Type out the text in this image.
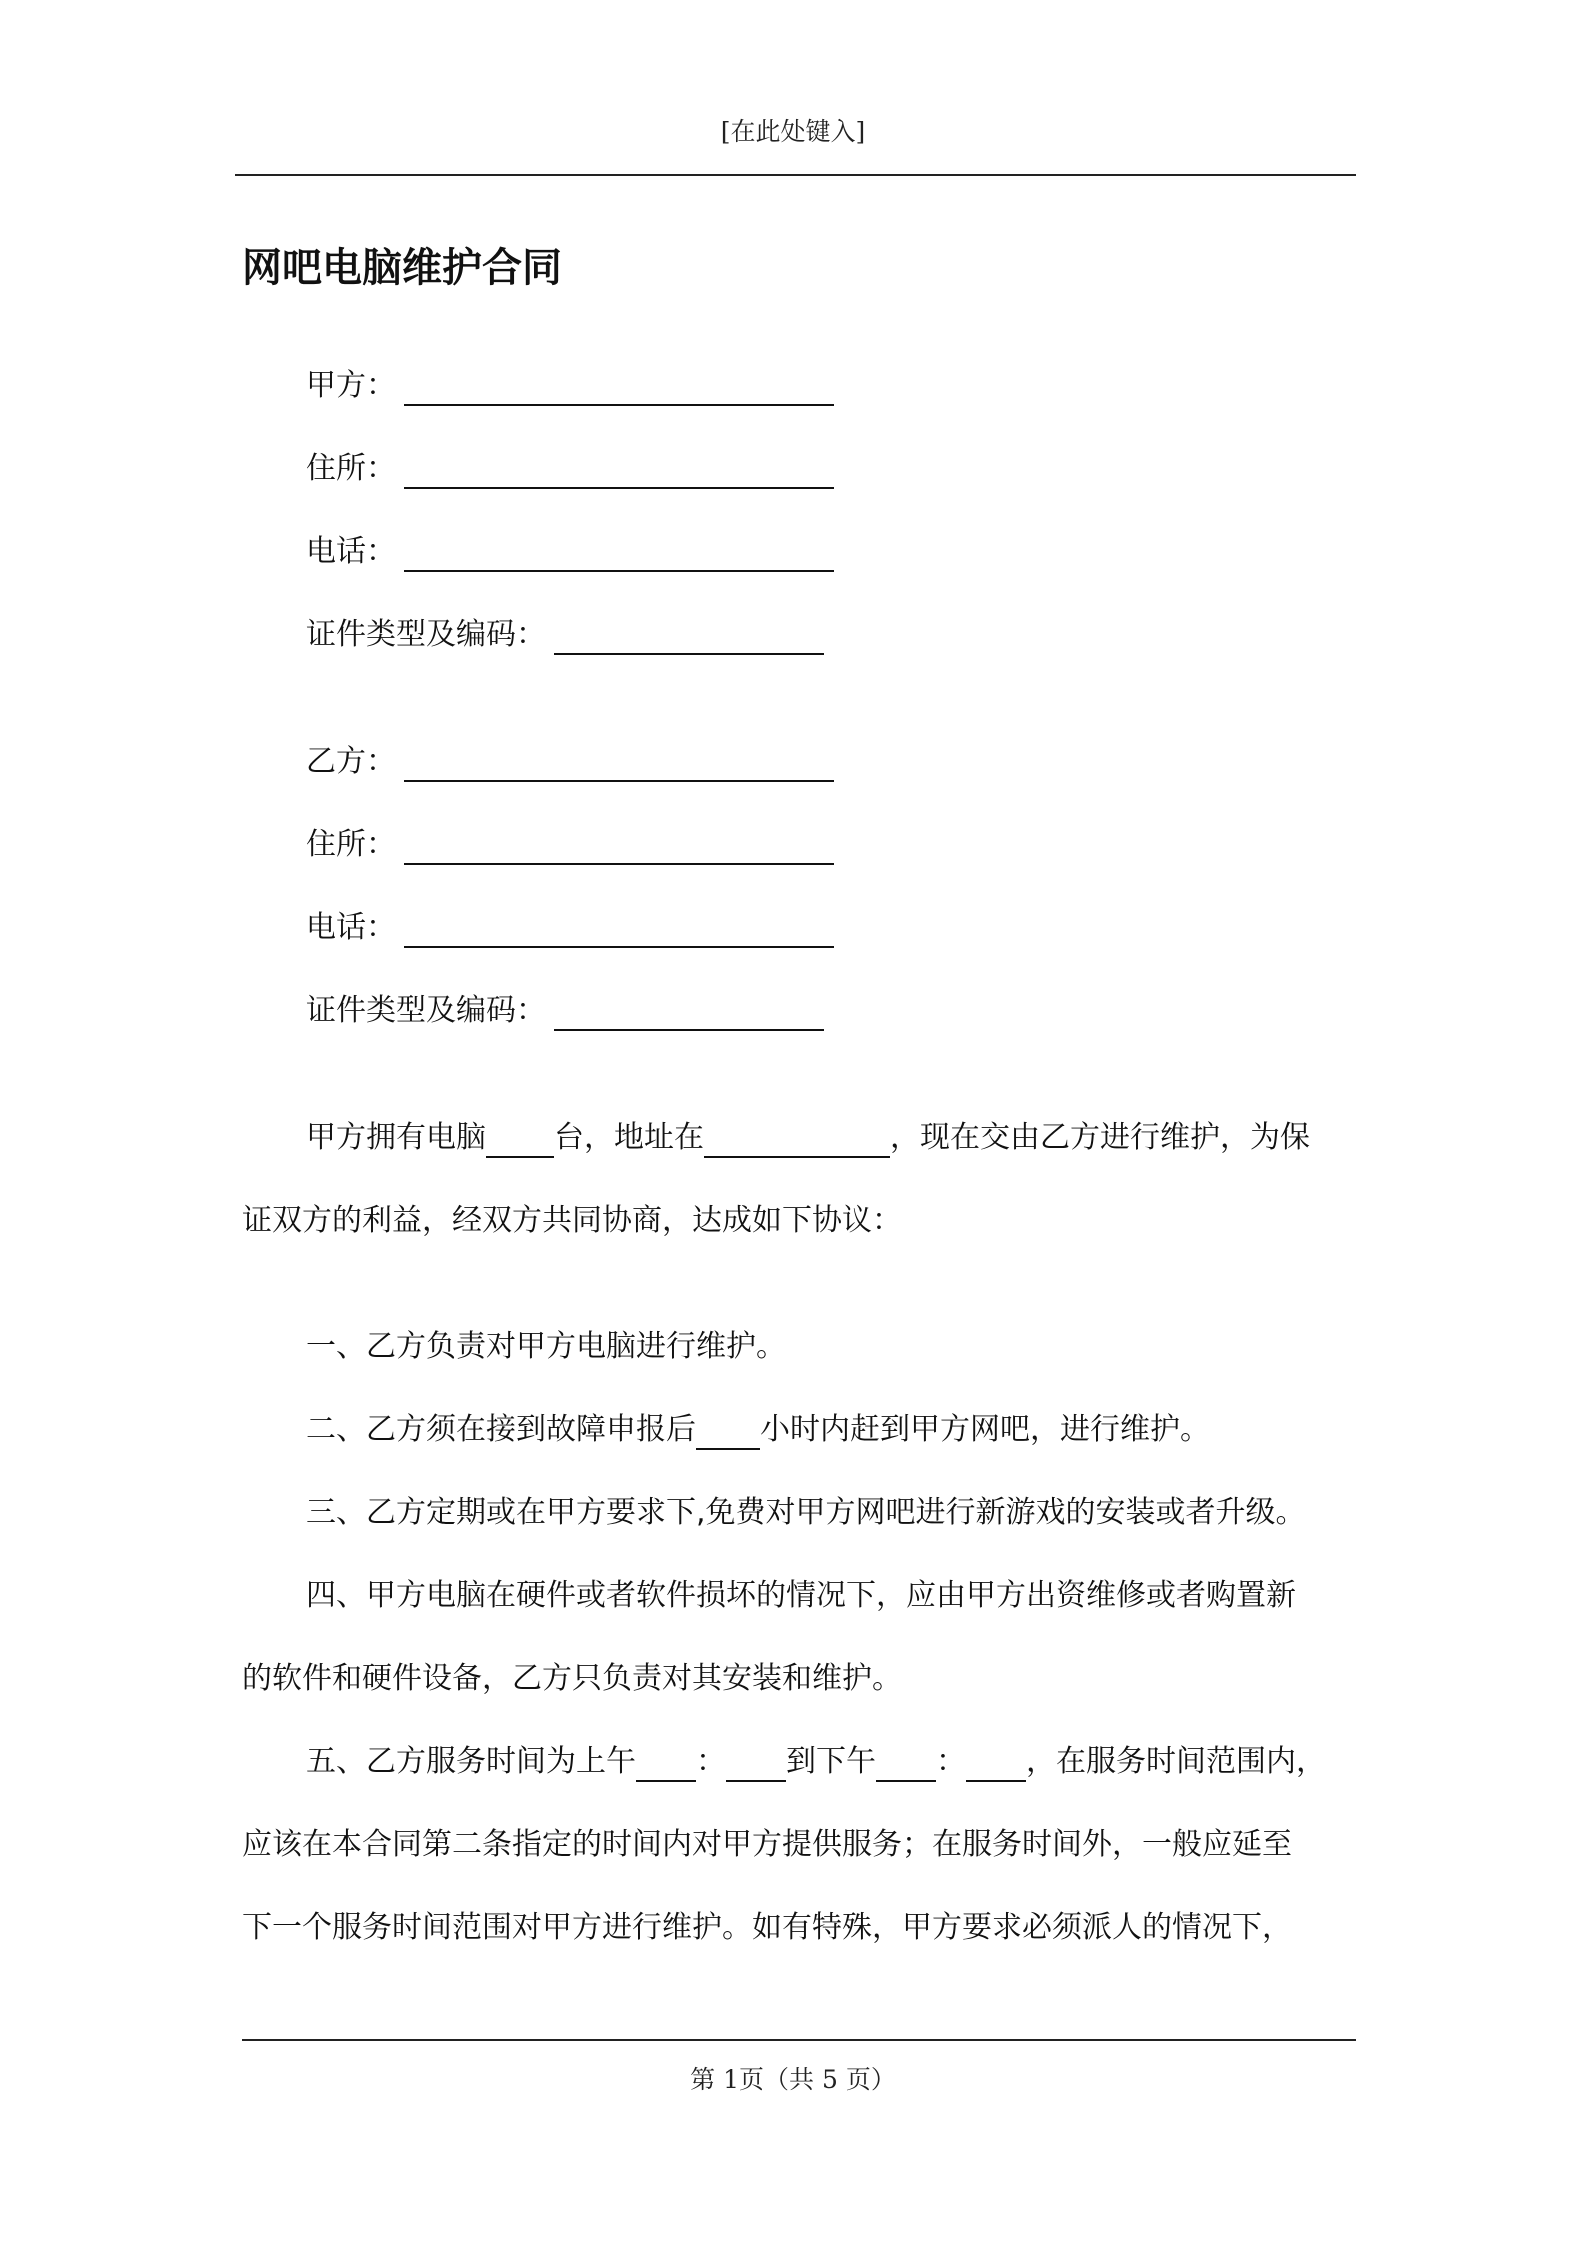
[在此处键入]
网吧电脑维护合同
甲方：
住所：
电话：
证件类型及编码：
乙方：
住所：
电话：
证件类型及编码：
甲方拥有电脑 台，地址在	，现在交由乙方进行维护，为保
证双方的利益，经双方共同协商，达成如下协议：
一、乙方负责对甲方电脑进行维护。
二、乙方须在接到故障申报后 小时内赶到甲方网吧，进行维护。
三、乙方定期或在甲方要求下,免费对甲方网吧进行新游戏的安装或者升级。
四、甲方电脑在硬件或者软件损坏的情况下，应由甲方出资维修或者购置新
的软件和硬件设备，乙方只负责对其安装和维护。
五、乙方服务时间为上午 ： 到下午 ： ，在服务时间范围内，
应该在本合同第二条指定的时间内对甲方提供服务；在服务时间外，一般应延至
下一个服务时间范围对甲方进行维护。如有特殊，甲方要求必须派人的情况下，
第 1页（共 5 页）
